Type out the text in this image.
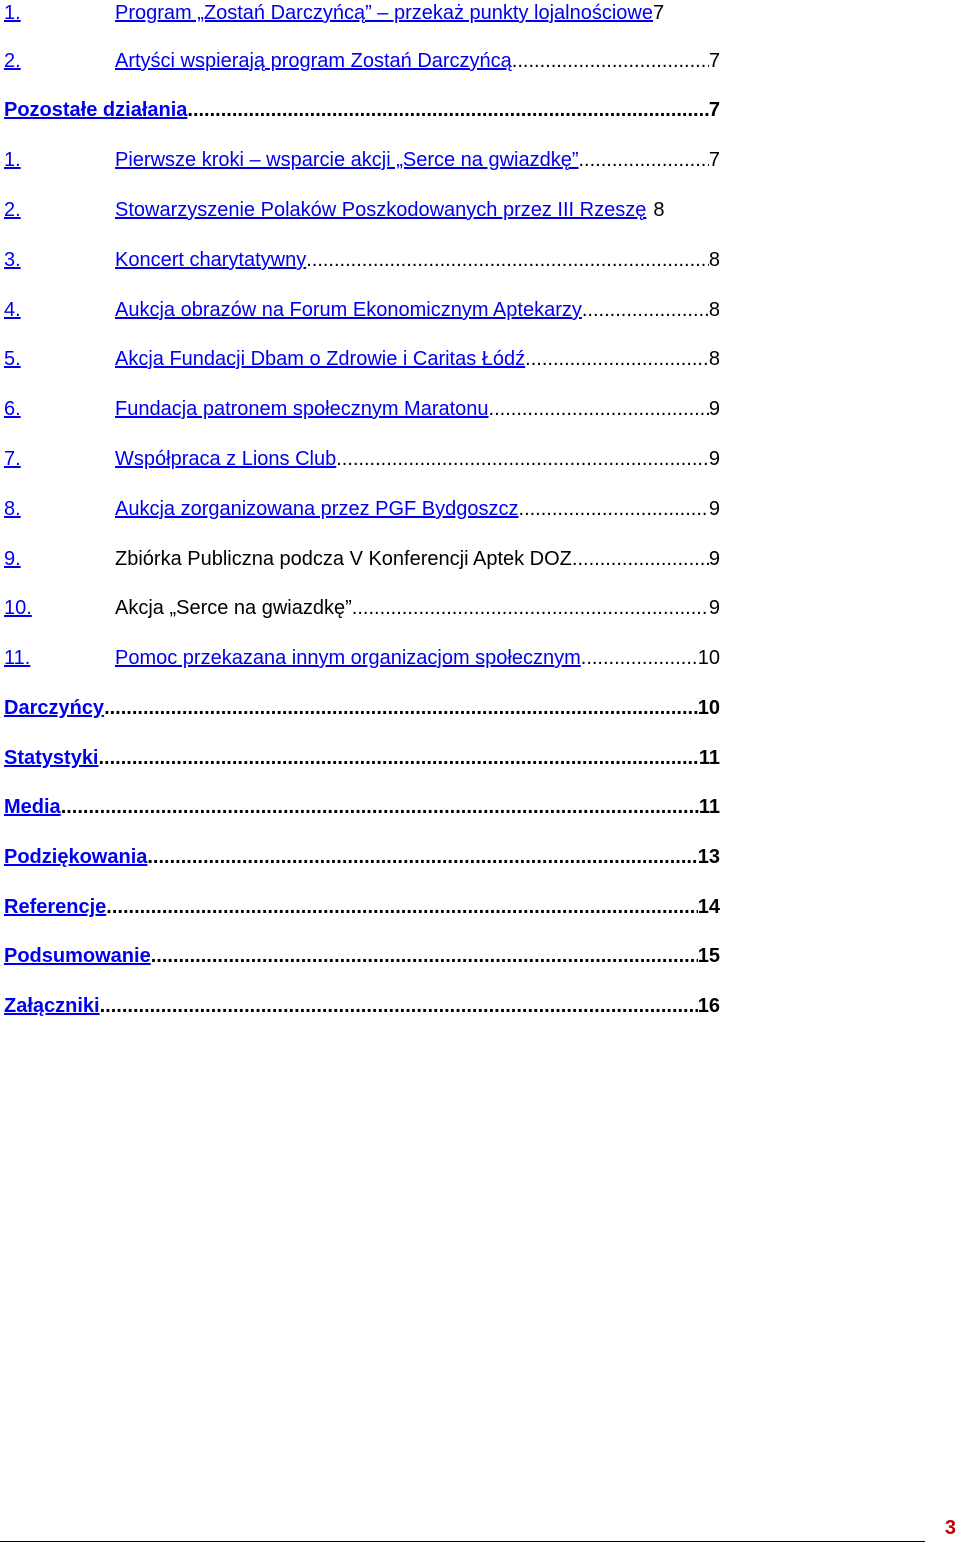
1.	Program „Zostań Darczyńcą” – przekaż punkty lojalnościowe 7
2.	Artyści wspierają program Zostań Darczyńcą .....	7
Pozostałe działania .....	7
1.	Pierwsze kroki – wsparcie akcji „Serce na gwiazdkę” .....	7
2.	Stowarzyszenie Polaków Poszkodowanych przez III Rzeszę 8
3.	Koncert charytatywny .....	8
4.	Aukcja obrazów na Forum Ekonomicznym Aptekarzy .....	8
5.	Akcja Fundacji Dbam o Zdrowie i Caritas Łódź .....	8
6.	Fundacja patronem społecznym Maratonu .....	9
7.	Współpraca z Lions Club .....	9
8.	Aukcja zorganizowana przez PGF Bydgoszcz .....	9
9.	Zbiórka Publiczna podcza V Konferencji Aptek DOZ .....	9
10.	Akcja „Serce na gwiazdkę” .....	9
11.	Pomoc przekazana innym organizacjom społecznym .....	10
Darczyńcy .....	10
Statystyki .....	11
Media .....	11
Podziękowania .....	13
Referencje .....	14
Podsumowanie .....	15
Załączniki .....	16
3
